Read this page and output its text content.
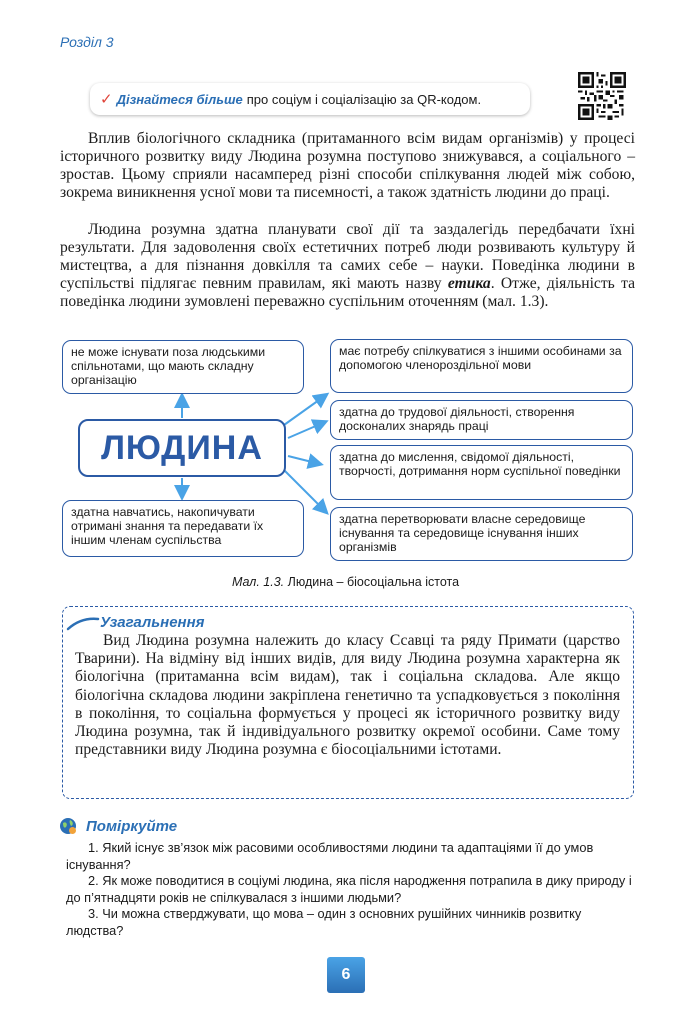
Розділ 3
✓ Дізнайтеся більше про соціум і соціалізацію за QR-кодом.

Вплив біологічного складника (притаманного всім видам організмів) у процесі історичного розвитку виду Людина розумна поступово знижувався, а соціального – зростав. Цьому сприяли насамперед різні способи спілкування людей між собою, зокрема виникнення усної мови та писемності, а також здатність людини до праці.

Людина розумна здатна планувати свої дії та заздалегідь передбачати їхні результати. Для задоволення своїх естетичних потреб люди розвивають культуру й мистецтва, а для пізнання довкілля та самих себе – науки. Поведінка людини в суспільстві підлягає певним правилам, які мають назву етика. Отже, діяльність та поведінка людини зумовлені переважно суспільним оточенням (мал. 1.3).

не може існувати поза людськими спільнотами, що мають складну організацію
ЛЮДИНА
здатна навчатись, накопичувати отримані знання та передавати їх іншим членам суспільства
має потребу спілкуватися з іншими особинами за допомогою членороздільної мови
здатна до трудової діяльності, створення досконалих знарядь праці
здатна до мислення, свідомої діяльності, творчості, дотримання норм суспільної поведінки
здатна перетворювати власне середовище існування та середовище існування інших організмів
Мал. 1.3. Людина – біосоціальна істота
Узагальнення

Вид Людина розумна належить до класу Ссавці та ряду Примати (царство Тварини). На відміну від інших видів, для виду Людина розумна характерна як біологічна (притаманна всім видам), так і соціальна складова. Але якщо біологічна складова людини закріплена генетично та успадковується з покоління в покоління, то соціальна формується у процесі як історичного розвитку виду Людина розумна, так й індивідуального розвитку окремої особини. Саме тому представники виду Людина розумна є біосоціальними істотами.

Поміркуйте

1. Який існує зв’язок між расовими особливостями людини та адаптаціями її до умов існування?

2. Як може поводитися в соціумі людина, яка після народження потрапила в дику природу і до п’ятнадцяти років не спілкувалася з іншими людьми?

3. Чи можна стверджувати, що мова – один з основних рушійних чинників розвитку людства?

6
